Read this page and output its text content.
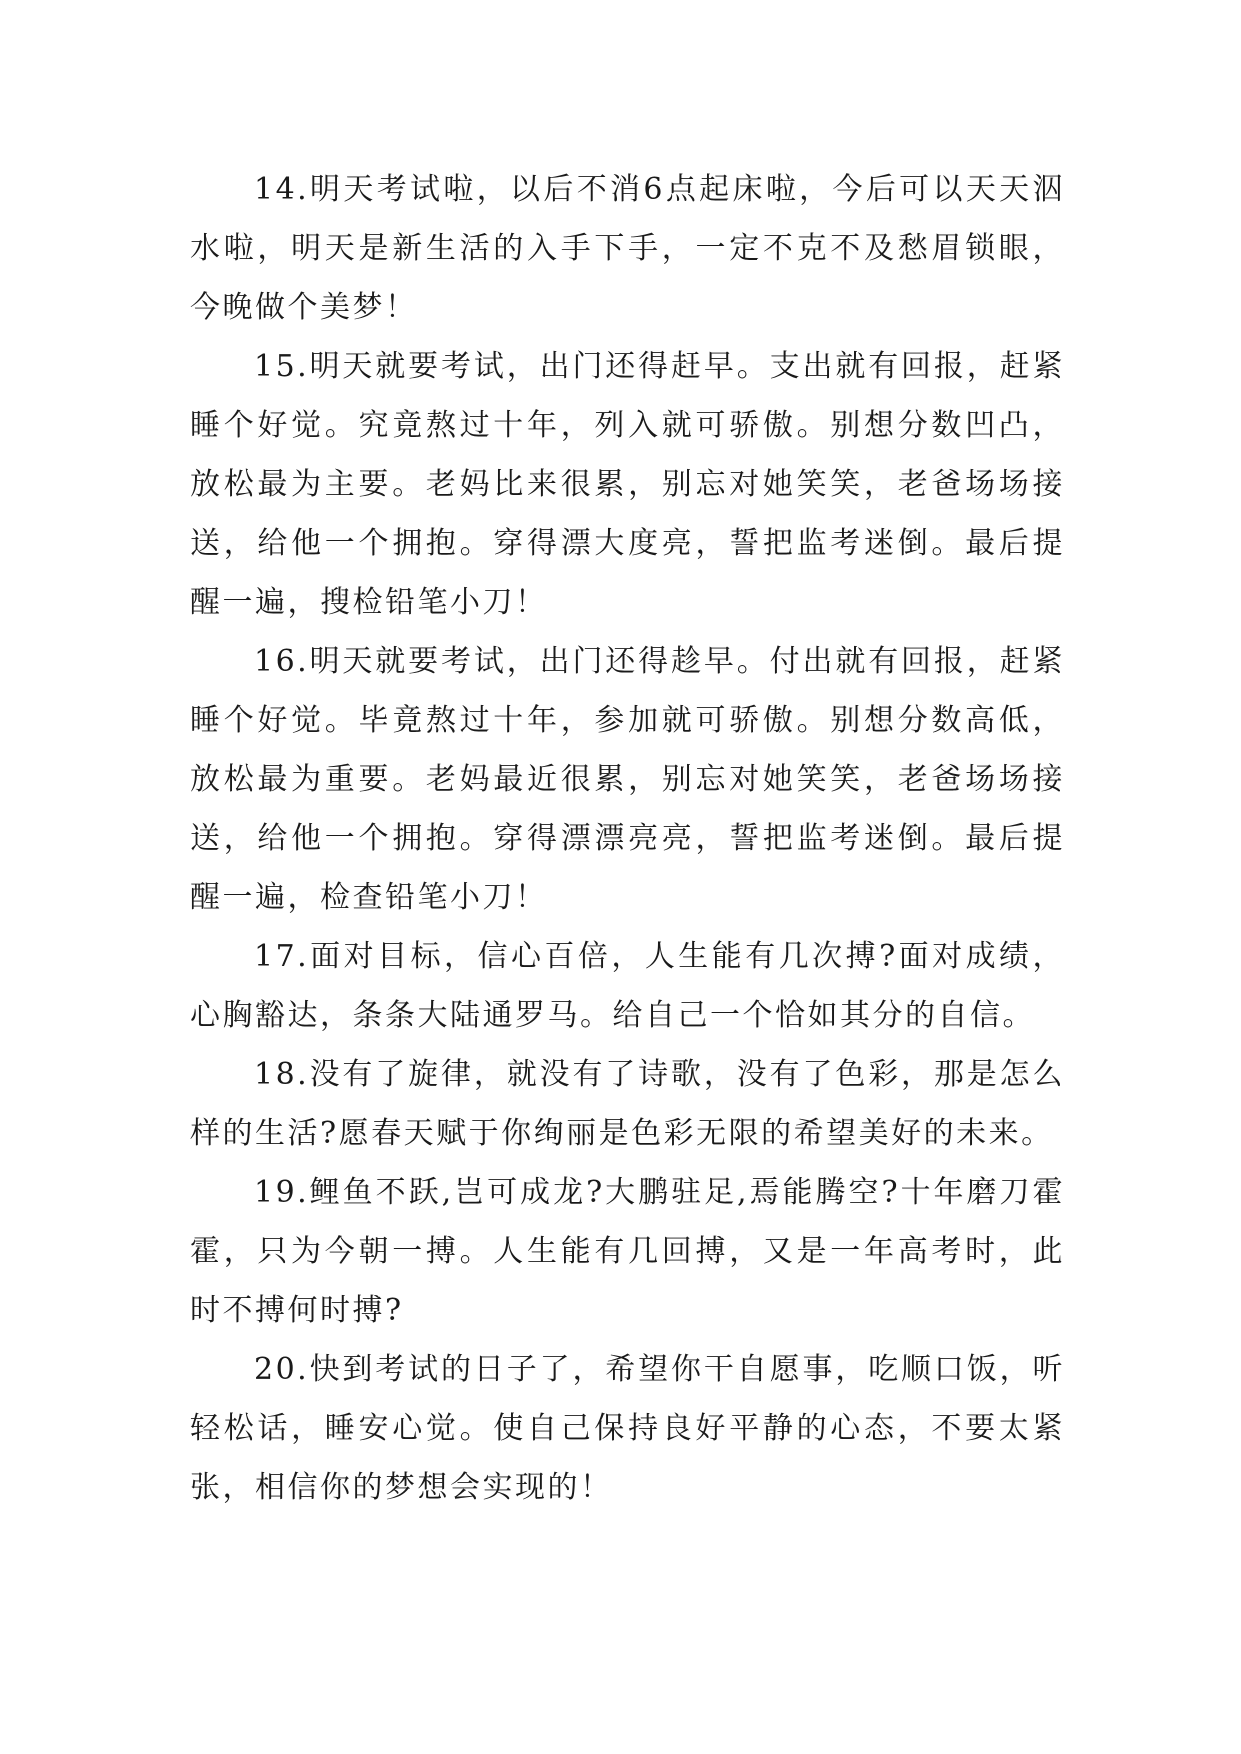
14.明天考试啦，以后不消6点起床啦，今后可以天天泅水啦，明天是新生活的入手下手，一定不克不及愁眉锁眼，今晚做个美梦！

15.明天就要考试，出门还得赶早。支出就有回报，赶紧睡个好觉。究竟熬过十年，列入就可骄傲。别想分数凹凸，放松最为主要。老妈比来很累，别忘对她笑笑，老爸场场接送，给他一个拥抱。穿得漂大度亮，誓把监考迷倒。最后提醒一遍，搜检铅笔小刀！

16.明天就要考试，出门还得趁早。付出就有回报，赶紧睡个好觉。毕竟熬过十年，参加就可骄傲。别想分数高低，放松最为重要。老妈最近很累，别忘对她笑笑，老爸场场接送，给他一个拥抱。穿得漂漂亮亮，誓把监考迷倒。最后提醒一遍，检查铅笔小刀！

17.面对目标，信心百倍，人生能有几次搏?面对成绩，心胸豁达，条条大陆通罗马。给自己一个恰如其分的自信。

18.没有了旋律，就没有了诗歌，没有了色彩，那是怎么样的生活?愿春天赋于你绚丽是色彩无限的希望美好的未来。

19.鲤鱼不跃,岂可成龙?大鹏驻足,焉能腾空?十年磨刀霍霍，只为今朝一搏。人生能有几回搏，又是一年高考时，此时不搏何时搏?

20.快到考试的日子了，希望你干自愿事，吃顺口饭，听轻松话，睡安心觉。使自己保持良好平静的心态，不要太紧张，相信你的梦想会实现的！
